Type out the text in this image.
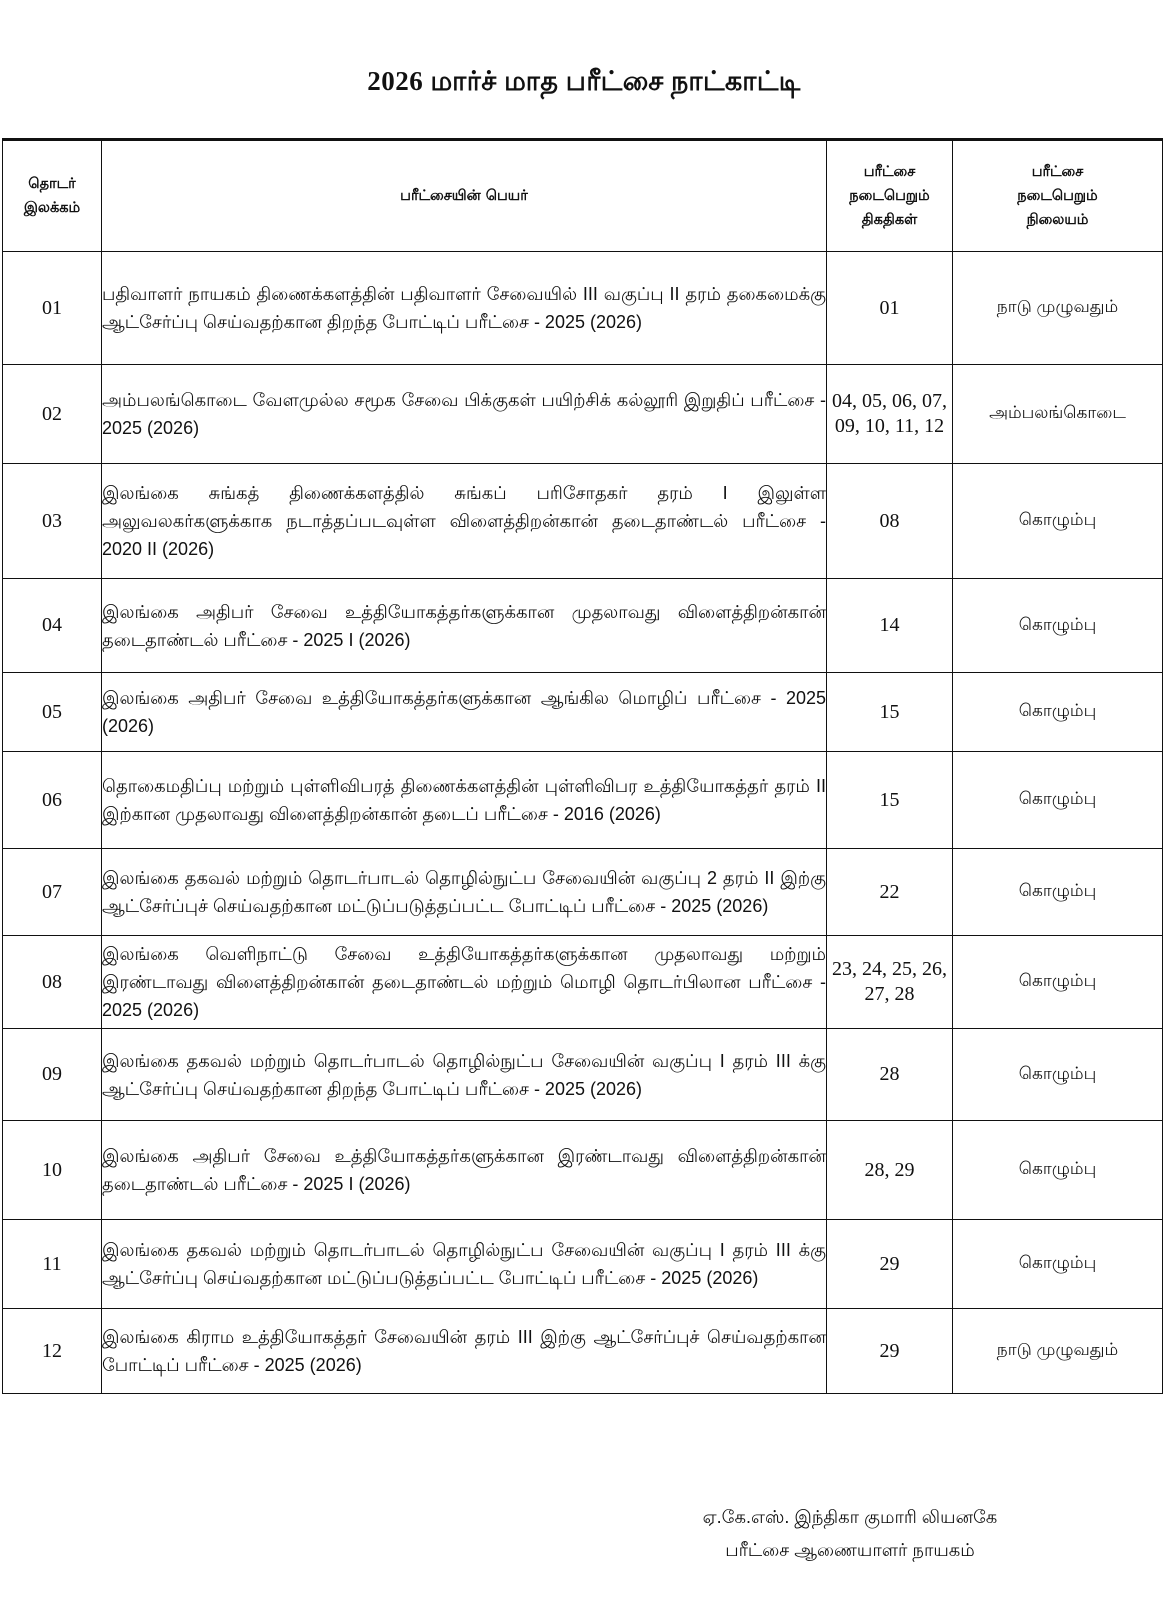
2026 மார்ச் மாத பரீட்சை நாட்காட்டி
தொடர் இலக்கம்	பரீட்சையின் பெயர்	பரீட்சை நடைபெறும் திகதிகள்	பரீட்சை நடைபெறும் நிலையம்

01	பதிவாளர் நாயகம் திணைக்களத்தின் பதிவாளர் சேவையில் III வகுப்பு II தரம் தகைமைக்கு ஆட்சேர்ப்பு செய்வதற்கான திறந்த போட்டிப் பரீட்சை - 2025 (2026)	01	நாடு முழுவதும்
02	அம்பலங்கொடை வேளமுல்ல சமூக சேவை பிக்குகள் பயிற்சிக் கல்லூரி இறுதிப் பரீட்சை - 2025 (2026)	04, 05, 06, 07, 09, 10, 11, 12	அம்பலங்கொடை
03	இலங்கை சுங்கத் திணைக்களத்தில் சுங்கப் பரிசோதகர் தரம் I இலுள்ள அலுவலகர்களுக்காக நடாத்தப்படவுள்ள விளைத்திறன்கான் தடைதாண்டல் பரீட்சை - 2020 II (2026)	08	கொழும்பு
04	இலங்கை அதிபர் சேவை உத்தியோகத்தர்களுக்கான முதலாவது விளைத்திறன்கான் தடைதாண்டல் பரீட்சை - 2025 I (2026)	14	கொழும்பு
05	இலங்கை அதிபர் சேவை உத்தியோகத்தர்களுக்கான ஆங்கில மொழிப் பரீட்சை - 2025 (2026)	15	கொழும்பு
06	தொகைமதிப்பு மற்றும் புள்ளிவிபரத் திணைக்களத்தின் புள்ளிவிபர உத்தியோகத்தர் தரம் II இற்கான முதலாவது விளைத்திறன்கான் தடைப் பரீட்சை - 2016 (2026)	15	கொழும்பு
07	இலங்கை தகவல் மற்றும் தொடர்பாடல் தொழில்நுட்ப சேவையின் வகுப்பு 2 தரம் II இற்கு ஆட்சேர்ப்புச் செய்வதற்கான மட்டுப்படுத்தப்பட்ட போட்டிப் பரீட்சை - 2025 (2026)	22	கொழும்பு
08	இலங்கை வெளிநாட்டு சேவை உத்தியோகத்தர்களுக்கான முதலாவது மற்றும் இரண்டாவது விளைத்திறன்கான் தடைதாண்டல் மற்றும் மொழி தொடர்பிலான பரீட்சை - 2025 (2026)	23, 24, 25, 26, 27, 28	கொழும்பு
09	இலங்கை தகவல் மற்றும் தொடர்பாடல் தொழில்நுட்ப சேவையின் வகுப்பு I தரம் III க்கு ஆட்சேர்ப்பு செய்வதற்கான திறந்த போட்டிப் பரீட்சை - 2025 (2026)	28	கொழும்பு
10	இலங்கை அதிபர் சேவை உத்தியோகத்தர்களுக்கான இரண்டாவது விளைத்திறன்கான் தடைதாண்டல் பரீட்சை - 2025 I (2026)	28, 29	கொழும்பு
11	இலங்கை தகவல் மற்றும் தொடர்பாடல் தொழில்நுட்ப சேவையின் வகுப்பு I தரம் III க்கு ஆட்சேர்ப்பு செய்வதற்கான மட்டுப்படுத்தப்பட்ட போட்டிப் பரீட்சை - 2025 (2026)	29	கொழும்பு
12	இலங்கை கிராம உத்தியோகத்தர் சேவையின் தரம் III இற்கு ஆட்சேர்ப்புச் செய்வதற்கான போட்டிப் பரீட்சை - 2025 (2026)	29	நாடு முழுவதும்
ஏ.கே.எஸ். இந்திகா குமாரி லியனகே
பரீட்சை ஆணையாளர் நாயகம்
